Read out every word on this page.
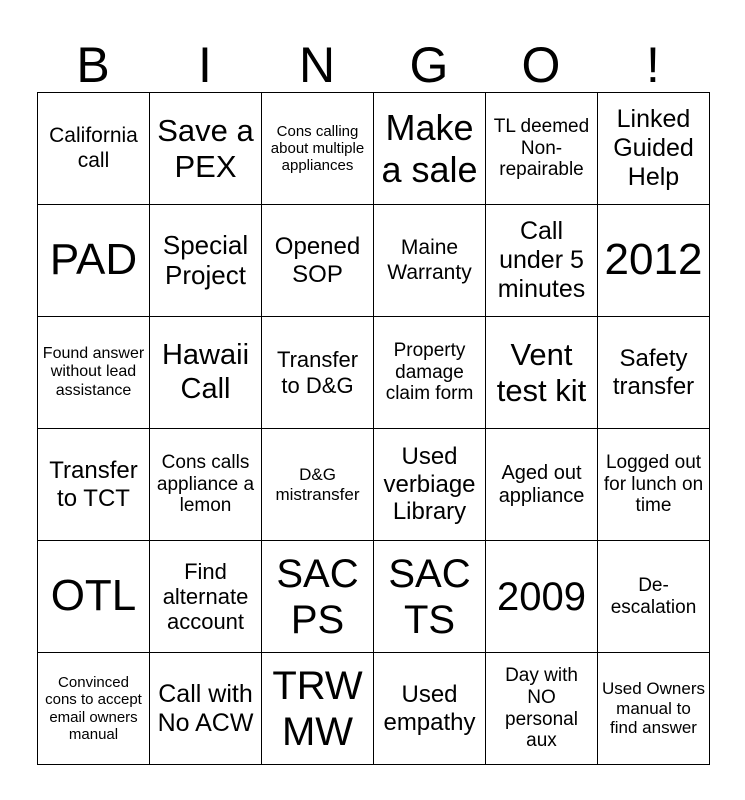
B	I	N	G	O	!
California call	Save a PEX	Cons calling about multiple appliances	Make a sale	TL deemed Non-repairable	Linked Guided Help
PAD	Special Project	Opened SOP	Maine Warranty	Call under 5 minutes	2012
Found answer without lead assistance	Hawaii Call	Transfer to D&G	Property damage claim form	Vent test kit	Safety transfer
Transfer to TCT	Cons calls appliance a lemon	D&G mistransfer	Used verbiage Library	Aged out appliance	Logged out for lunch on time
OTL	Find alternate account	SAC PS	SAC TS	2009	De-escalation
Convinced cons to accept email owners manual	Call with No ACW	TRW MW	Used empathy	Day with NO personal aux	Used Owners manual to find answer
